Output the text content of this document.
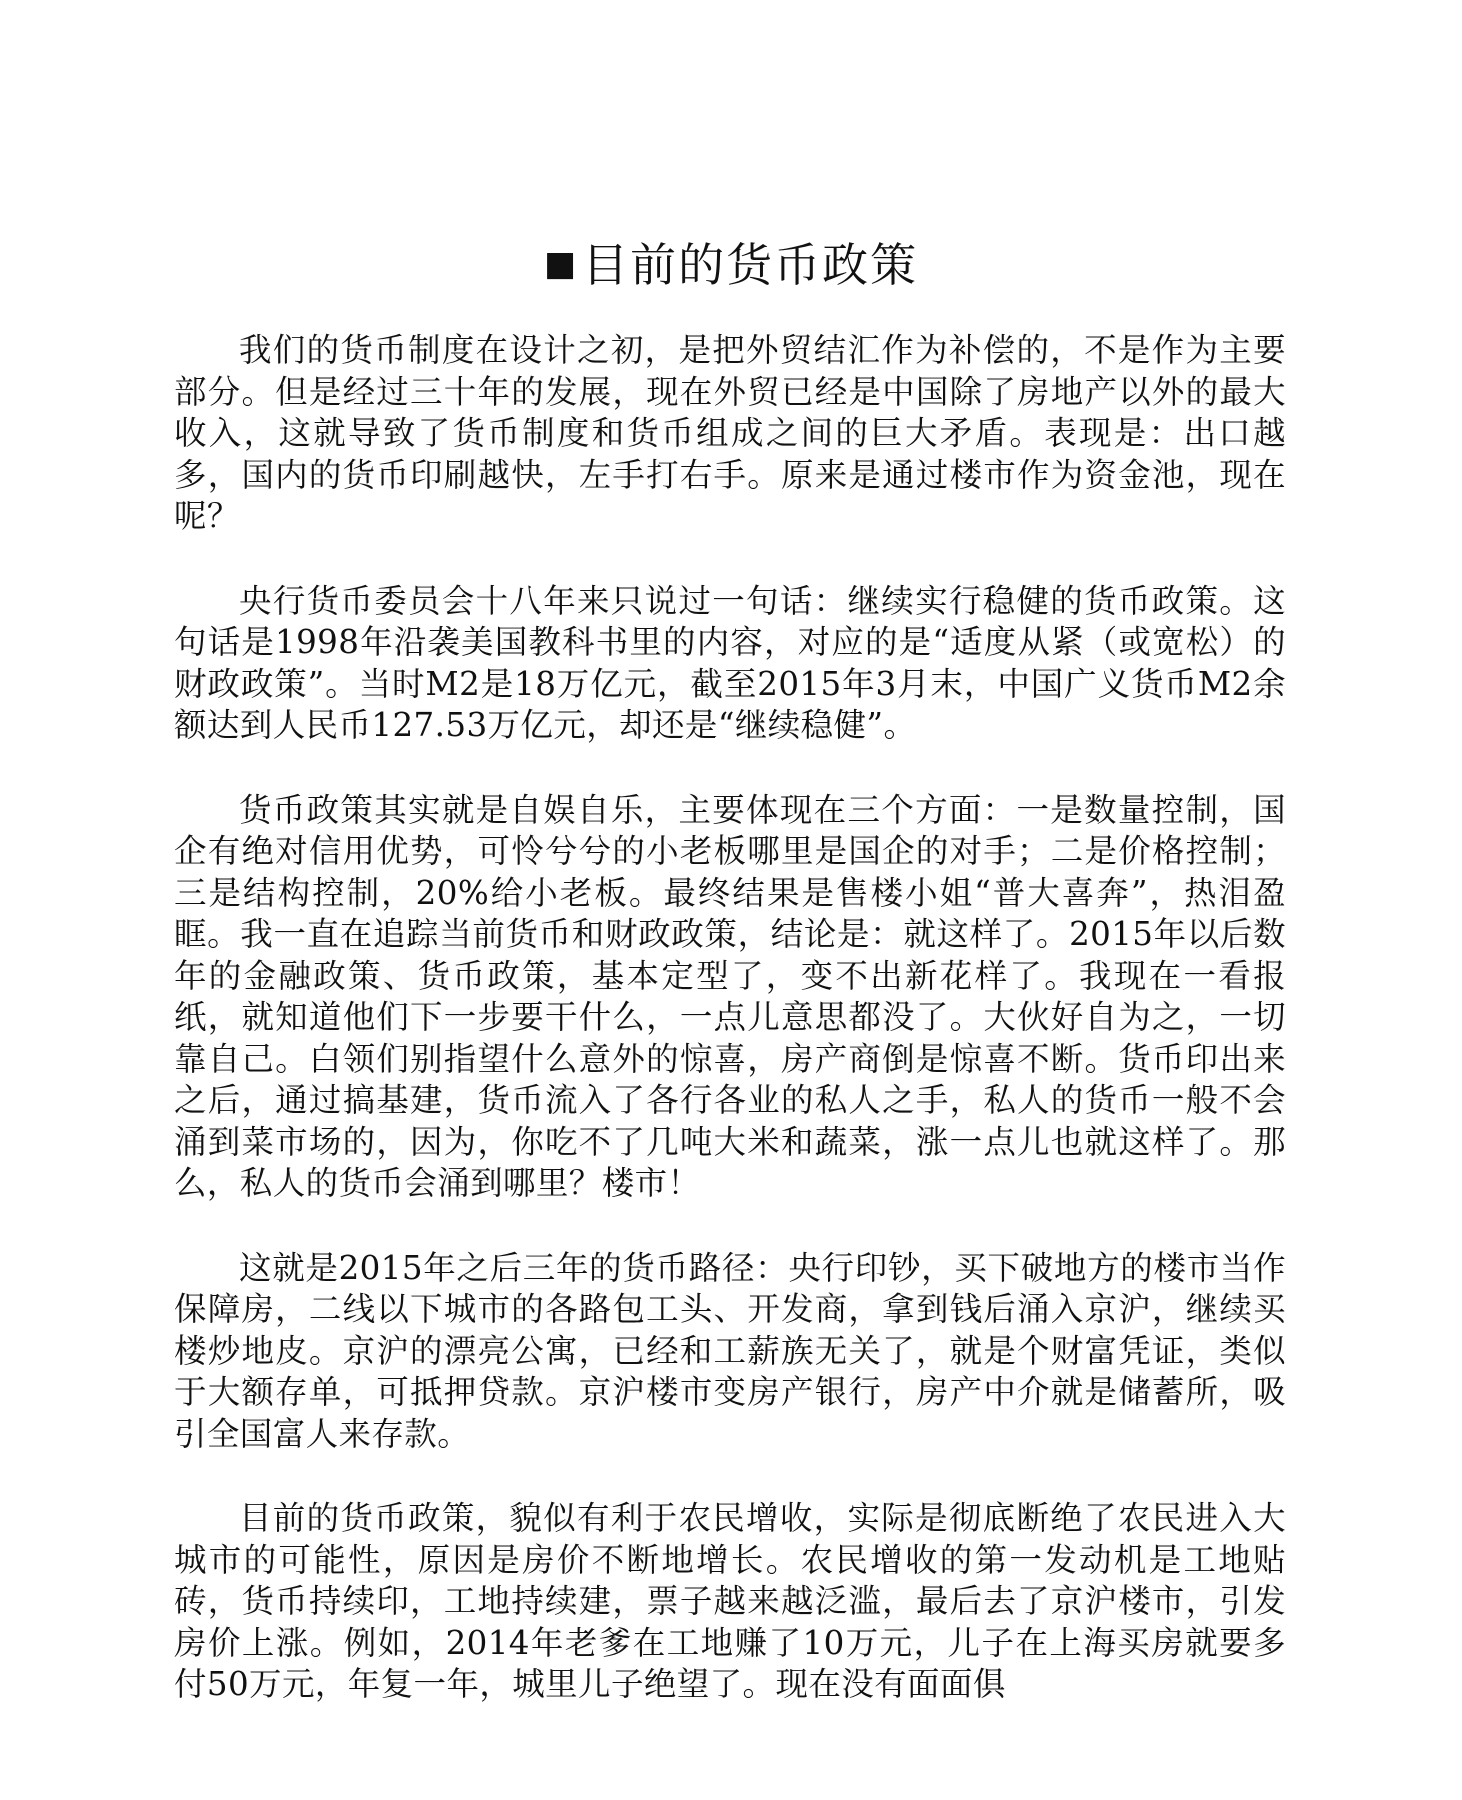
■目前的货币政策

我们的货币制度在设计之初，是把外贸结汇作为补偿的，不是作为主要部分。但是经过三十年的发展，现在外贸已经是中国除了房地产以外的最大收入，这就导致了货币制度和货币组成之间的巨大矛盾。表现是：出口越多，国内的货币印刷越快，左手打右手。原来是通过楼市作为资金池，现在呢？

央行货币委员会十八年来只说过一句话：继续实行稳健的货币政策。这句话是1998年沿袭美国教科书里的内容，对应的是“适度从紧（或宽松）的财政政策”。当时M2是18万亿元，截至2015年3月末，中国广义货币M2余额达到人民币127.53万亿元，却还是“继续稳健”。

货币政策其实就是自娱自乐，主要体现在三个方面：一是数量控制，国企有绝对信用优势，可怜兮兮的小老板哪里是国企的对手；二是价格控制；三是结构控制，20%给小老板。最终结果是售楼小姐“普大喜奔”，热泪盈眶。我一直在追踪当前货币和财政政策，结论是：就这样了。2015年以后数年的金融政策、货币政策，基本定型了，变不出新花样了。我现在一看报纸，就知道他们下一步要干什么，一点儿意思都没了。大伙好自为之，一切靠自己。白领们别指望什么意外的惊喜，房产商倒是惊喜不断。货币印出来之后，通过搞基建，货币流入了各行各业的私人之手，私人的货币一般不会涌到菜市场的，因为，你吃不了几吨大米和蔬菜，涨一点儿也就这样了。那么，私人的货币会涌到哪里？楼市！

这就是2015年之后三年的货币路径：央行印钞，买下破地方的楼市当作保障房，二线以下城市的各路包工头、开发商，拿到钱后涌入京沪，继续买楼炒地皮。京沪的漂亮公寓，已经和工薪族无关了，就是个财富凭证，类似于大额存单，可抵押贷款。京沪楼市变房产银行，房产中介就是储蓄所，吸引全国富人来存款。

目前的货币政策，貌似有利于农民增收，实际是彻底断绝了农民进入大城市的可能性，原因是房价不断地增长。农民增收的第一发动机是工地贴砖，货币持续印，工地持续建，票子越来越泛滥，最后去了京沪楼市，引发房价上涨。例如，2014年老爹在工地赚了10万元，儿子在上海买房就要多付50万元，年复一年，城里儿子绝望了。现在没有面面俱
